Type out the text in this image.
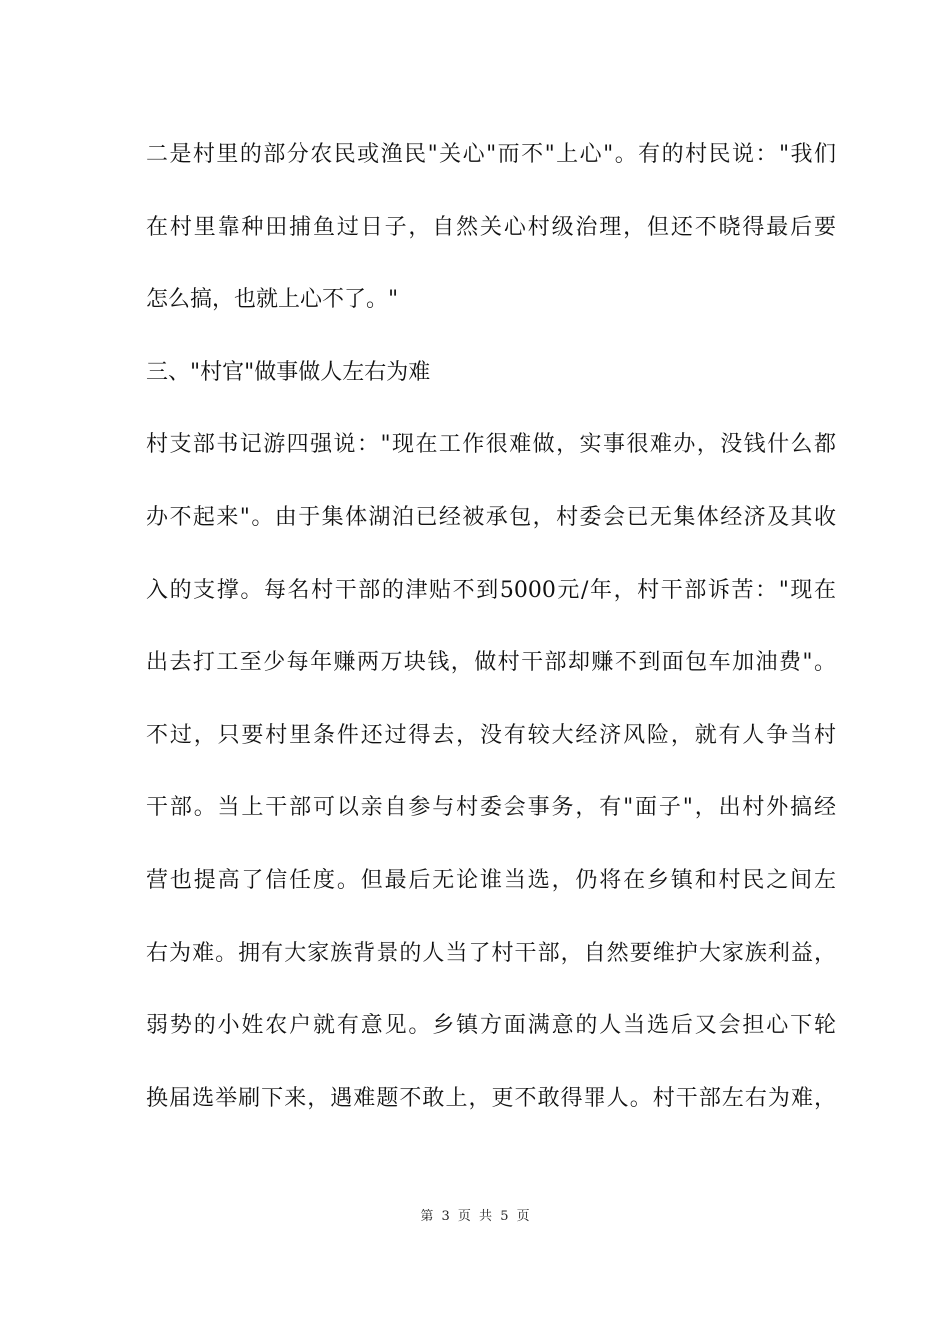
二是村里的部分农民或渔民"关心"而不"上心"。有的村民说："我们
在村里靠种田捕鱼过日子，自然关心村级治理，但还不晓得最后要
怎么搞，也就上心不了。"
三、"村官"做事做人左右为难
村支部书记游四强说："现在工作很难做，实事很难办，没钱什么都
办不起来"。由于集体湖泊已经被承包，村委会已无集体经济及其收
入的支撑。每名村干部的津贴不到5000元/年，村干部诉苦："现在
出去打工至少每年赚两万块钱，做村干部却赚不到面包车加油费"。
不过，只要村里条件还过得去，没有较大经济风险，就有人争当村
干部。当上干部可以亲自参与村委会事务，有"面子"，出村外搞经
营也提高了信任度。但最后无论谁当选，仍将在乡镇和村民之间左
右为难。拥有大家族背景的人当了村干部，自然要维护大家族利益，
弱势的小姓农户就有意见。乡镇方面满意的人当选后又会担心下轮
换届选举刷下来，遇难题不敢上，更不敢得罪人。村干部左右为难，
第 3 页 共 5 页
